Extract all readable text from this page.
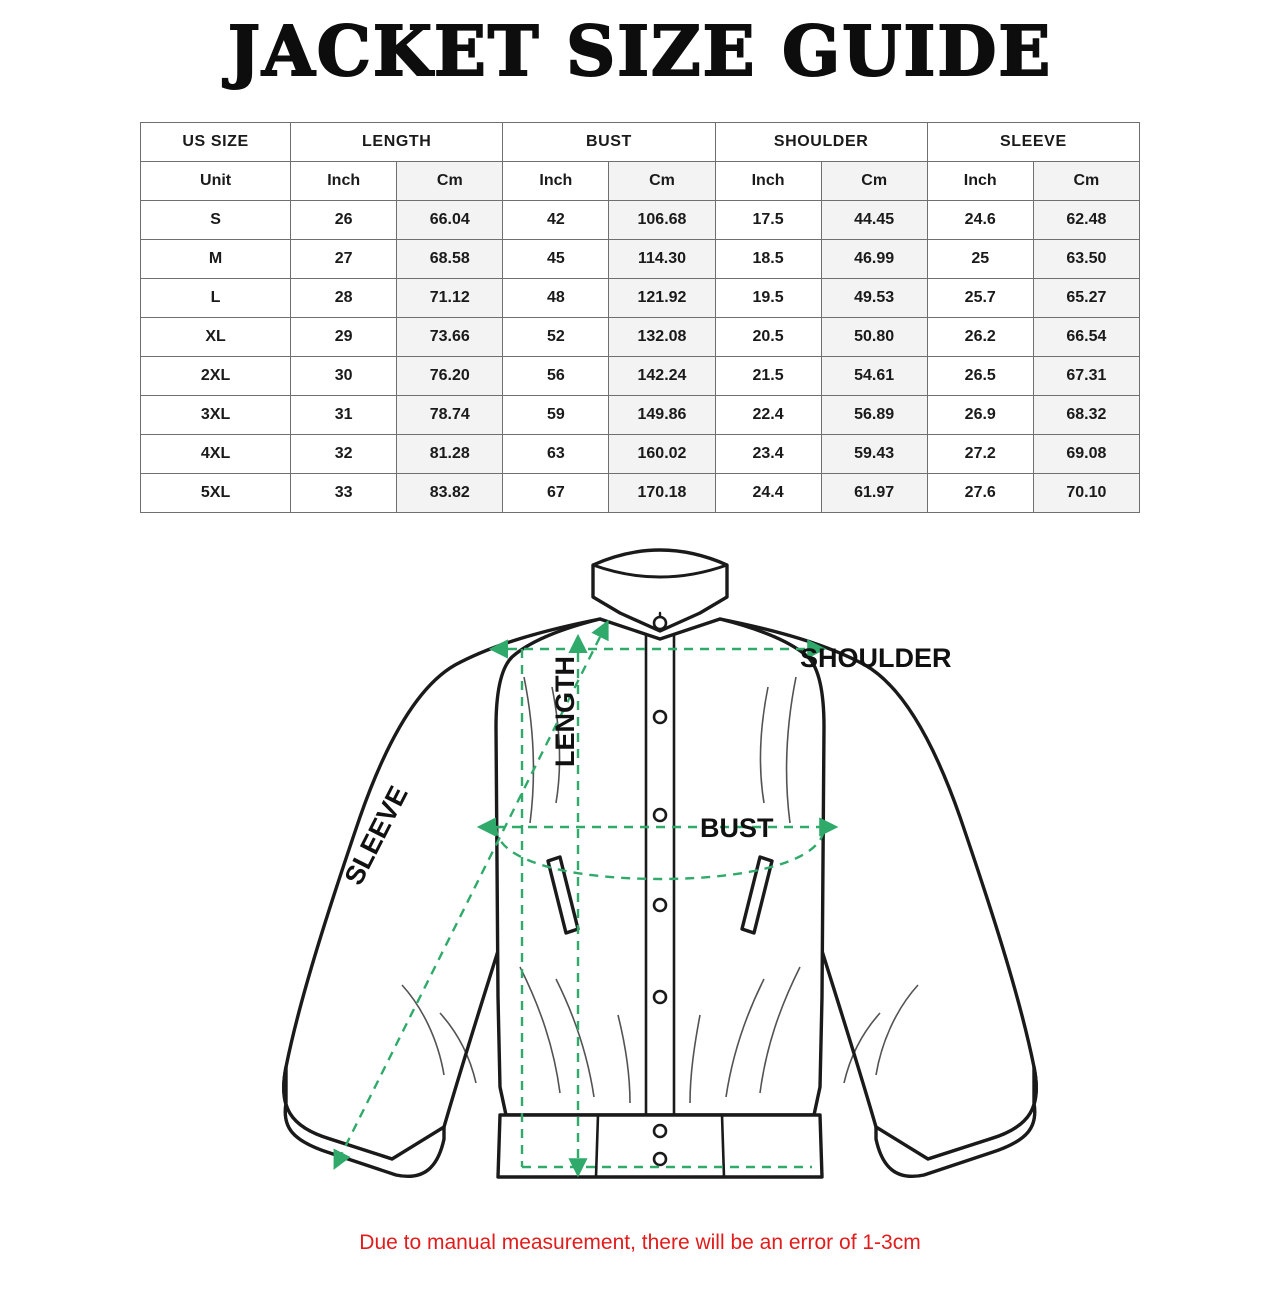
JACKET SIZE GUIDE
US SIZE	LENGTH		BUST		SHOULDER		SLEEVE	
Unit	Inch	Cm	Inch	Cm	Inch	Cm	Inch	Cm
S	26	66.04	42	106.68	17.5	44.45	24.6	62.48
M	27	68.58	45	114.30	18.5	46.99	25	63.50
L	28	71.12	48	121.92	19.5	49.53	25.7	65.27
XL	29	73.66	52	132.08	20.5	50.80	26.2	66.54
2XL	30	76.20	56	142.24	21.5	54.61	26.5	67.31
3XL	31	78.74	59	149.86	22.4	56.89	26.9	68.32
4XL	32	81.28	63	160.02	23.4	59.43	27.2	69.08
5XL	33	83.82	67	170.18	24.4	61.97	27.6	70.10
SHOULDER
LENGTH
BUST
SLEEVE
Due to manual measurement, there will be an error of 1-3cm
